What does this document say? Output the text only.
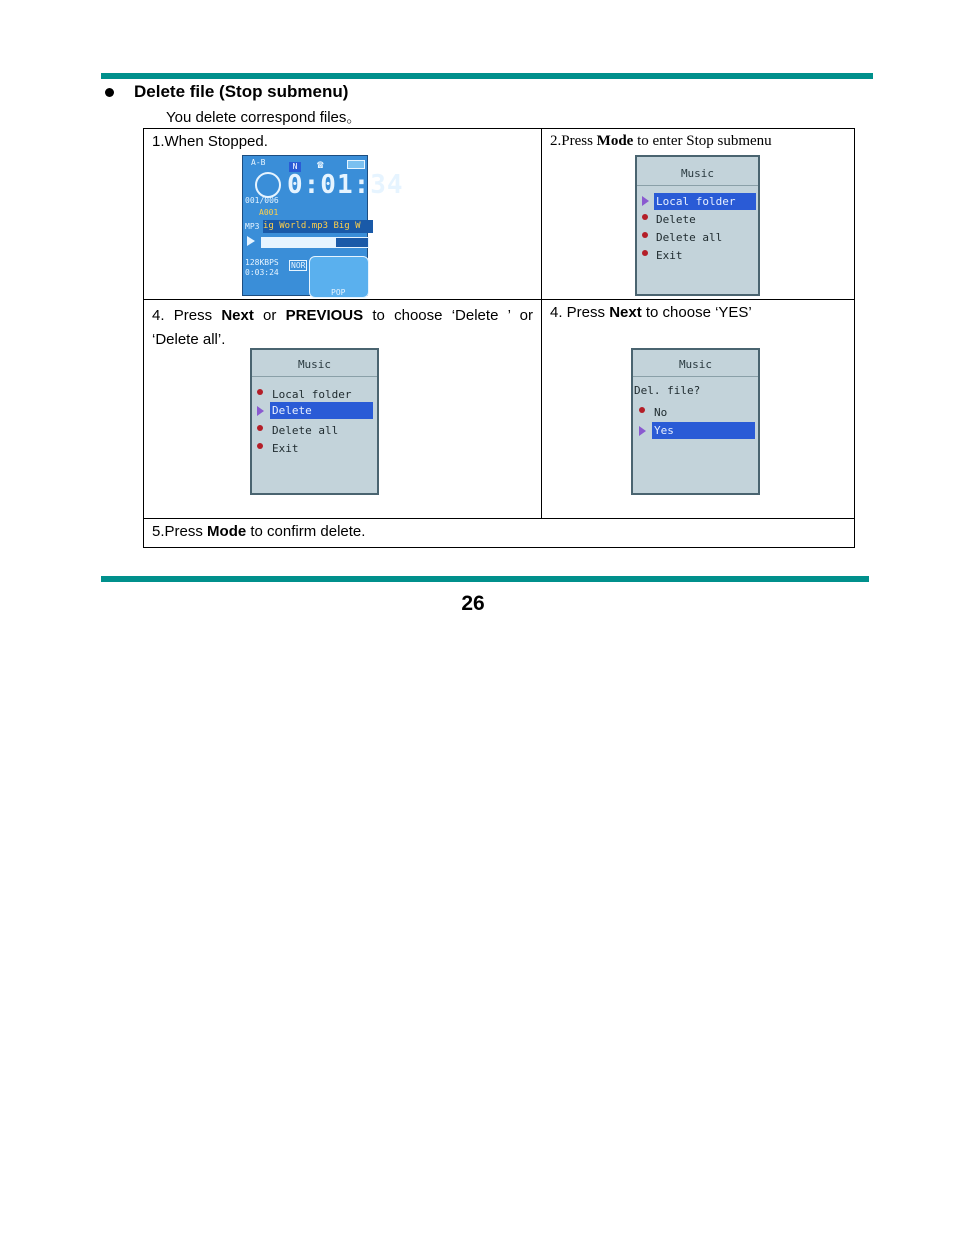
Delete file (Stop submenu)
You delete correspond files。
1.When Stopped.	2.Press Mode to enter Stop submenu
4. Press Next or PREVIOUS to choose ‘Delete ’ or ‘Delete all’.	4. Press Next to choose ‘YES’
5.Press Mode to confirm delete.	
A-B	N	☎
001/006
0:01:34
A001
MP3 ig World.mp3 Big W
128KBPS
0:03:24
NOR
POP
Music
Local folder
Delete
Delete all
Exit
Music
Local folder
Delete
Delete all
Exit
Music
Del. file?
No
Yes
26
